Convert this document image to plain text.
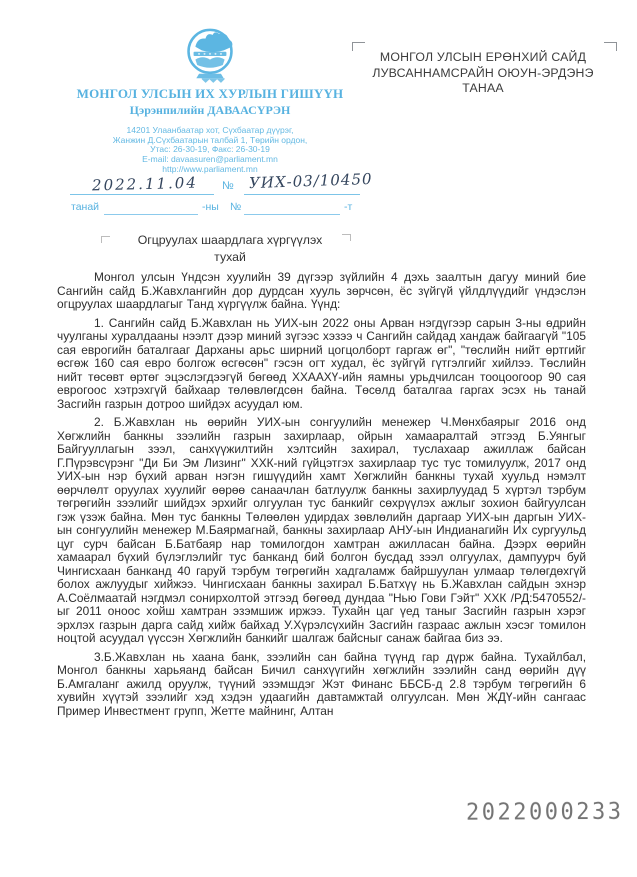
МОНГОЛ УЛСЫН ИХ ХУРЛЫН ГИШҮҮН
Цэрэнпилийн ДАВААСҮРЭН
14201 Улаанбаатар хот, Сүхбаатар дүүрэг,
Жанжин Д.Сүхбаатарын талбай 1, Төрийн ордон,
Утас: 26-30-19, Факс: 26-30-19
E-mail: davaasuren@parliament.mn
http://www.parliament.mn
2022.11.04 № УИХ-03/10450
танай	-ны №	-т
МОНГОЛ УЛСЫН ЕРӨНХИЙ САЙД
ЛУВСАННАМСРАЙН ОЮУН-ЭРДЭНЭ
ТАНАА
Огцруулах шаардлага хүргүүлэх
тухай

Монгол улсын Үндсэн хуулийн 39 дүгээр зүйлийн 4 дэхь заалтын дагуу миний бие Сангийн сайд Б.Жавхлангийн дор дурдсан хууль зөрчсөн, ёс зүйгүй үйлдлүүдийг үндэслэн огцруулах шаардлагыг Танд хүргүүлж байна. Үүнд:

1. Сангийн сайд Б.Жавхлан нь УИХ-ын 2022 оны Арван нэгдүгээр сарын 3-ны өдрийн чуулганы хуралдааны нээлт дээр миний зүгээс хэзээ ч Сангийн сайдад хандаж байгаагүй "105 сая еврогийн баталгааг Дарханы арьс ширний цогцолборт гаргаж өг", "төслийн нийт өртгийг өсгөж 160 сая евро болгож өсгөсөн" гэсэн огт худал, ёс зүйгүй гүтгэлгийг хийлээ. Төслийн нийт төсөвт өртөг эцэслэгдээгүй бөгөөд ХХААХҮ-ийн яамны урьдчилсан тооцоогоор 90 сая еврогоос хэтрэхгүй байхаар төлөвлөгдсөн байна. Төсөлд баталгаа гаргах эсэх нь танай Засгийн газрын дотроо шийдэх асуудал юм.

2. Б.Жавхлан нь өөрийн УИХ-ын сонгуулийн менежер Ч.Мөнхбаярыг 2016 онд Хөгжлийн банкны зээлийн газрын захирлаар, ойрын хамааралтай этгээд Б.Уянгыг Байгууллагын зээл, санхүүжилтийн хэлтсийн захирал, туслахаар ажиллаж байсан Г.Пүрэвсүрэнг "Ди Би Эм Лизинг" ХХК-ний гүйцэтгэх захирлаар тус тус томилуулж, 2017 онд УИХ-ын нэр бүхий арван нэгэн гишүүдийн хамт Хөгжлийн банкны тухай хуульд нэмэлт өөрчлөлт оруулах хуулийг өөрөө санаачлан батлуулж банкны захирлуудад 5 хүртэл тэрбум төгрөгийн зээлийг шийдэх эрхийг олгуулан тус банкийг сөхрүүлэх ажлыг зохион байгуулсан гэж үзэж байна. Мөн тус банкны Төлөөлөн удирдах зөвлөлийн даргаар УИХ-ын даргын УИХ-ын сонгуулийн менежер М.Баярмагнай, банкны захирлаар АНУ-ын Индианагийн Их сургуульд цуг сурч байсан Б.Батбаяр нар томилогдон хамтран ажилласан байна. Дээрх өөрийн хамаарал бүхий бүлэглэлийг тус банканд бий болгон бусдад зээл олгуулах, дампуурч буй Чингисхаан банканд 40 гаруй тэрбум төгрөгийн хадгаламж байршуулан улмаар төлөгдөхгүй болох ажлуудыг хийжээ. Чингисхаан банкны захирал Б.Батхүү нь Б.Жавхлан сайдын эхнэр А.Соёлмаатай нэгдмэл сонирхолтой этгээд бөгөөд дундаа "Нью Гови Гэйт" ХХК /РД:5470552/-ыг 2011 оноос хойш хамтран эзэмшиж иржээ. Тухайн цаг үед таныг Засгийн газрын хэрэг эрхлэх газрын дарга сайд хийж байхад У.Хүрэлсүхийн Засгийн газраас ажлын хэсэг томилон ноцтой асуудал үүссэн Хөгжлийн банкийг шалгаж байсныг санаж байгаа биз ээ.

3.Б.Жавхлан нь хаана банк, зээлийн сан байна түүнд гар дүрж байна. Тухайлбал, Монгол банкны харьяанд байсан Бичил санхүүгийн хөгжлийн зээлийн санд өөрийн дүү Б.Амгаланг ажилд оруулж, түүний эзэмшдэг Жэт Финанс ББСБ-д 2.8 тэрбум төгрөгийн 6 хувийн хүүтэй зээлийг хэд хэдэн удаагийн давтамжтай олгуулсан. Мөн ЖДҮ-ийн сангаас Пример Инвестмент групп, Жетте майнинг, Алтан

2022000233
